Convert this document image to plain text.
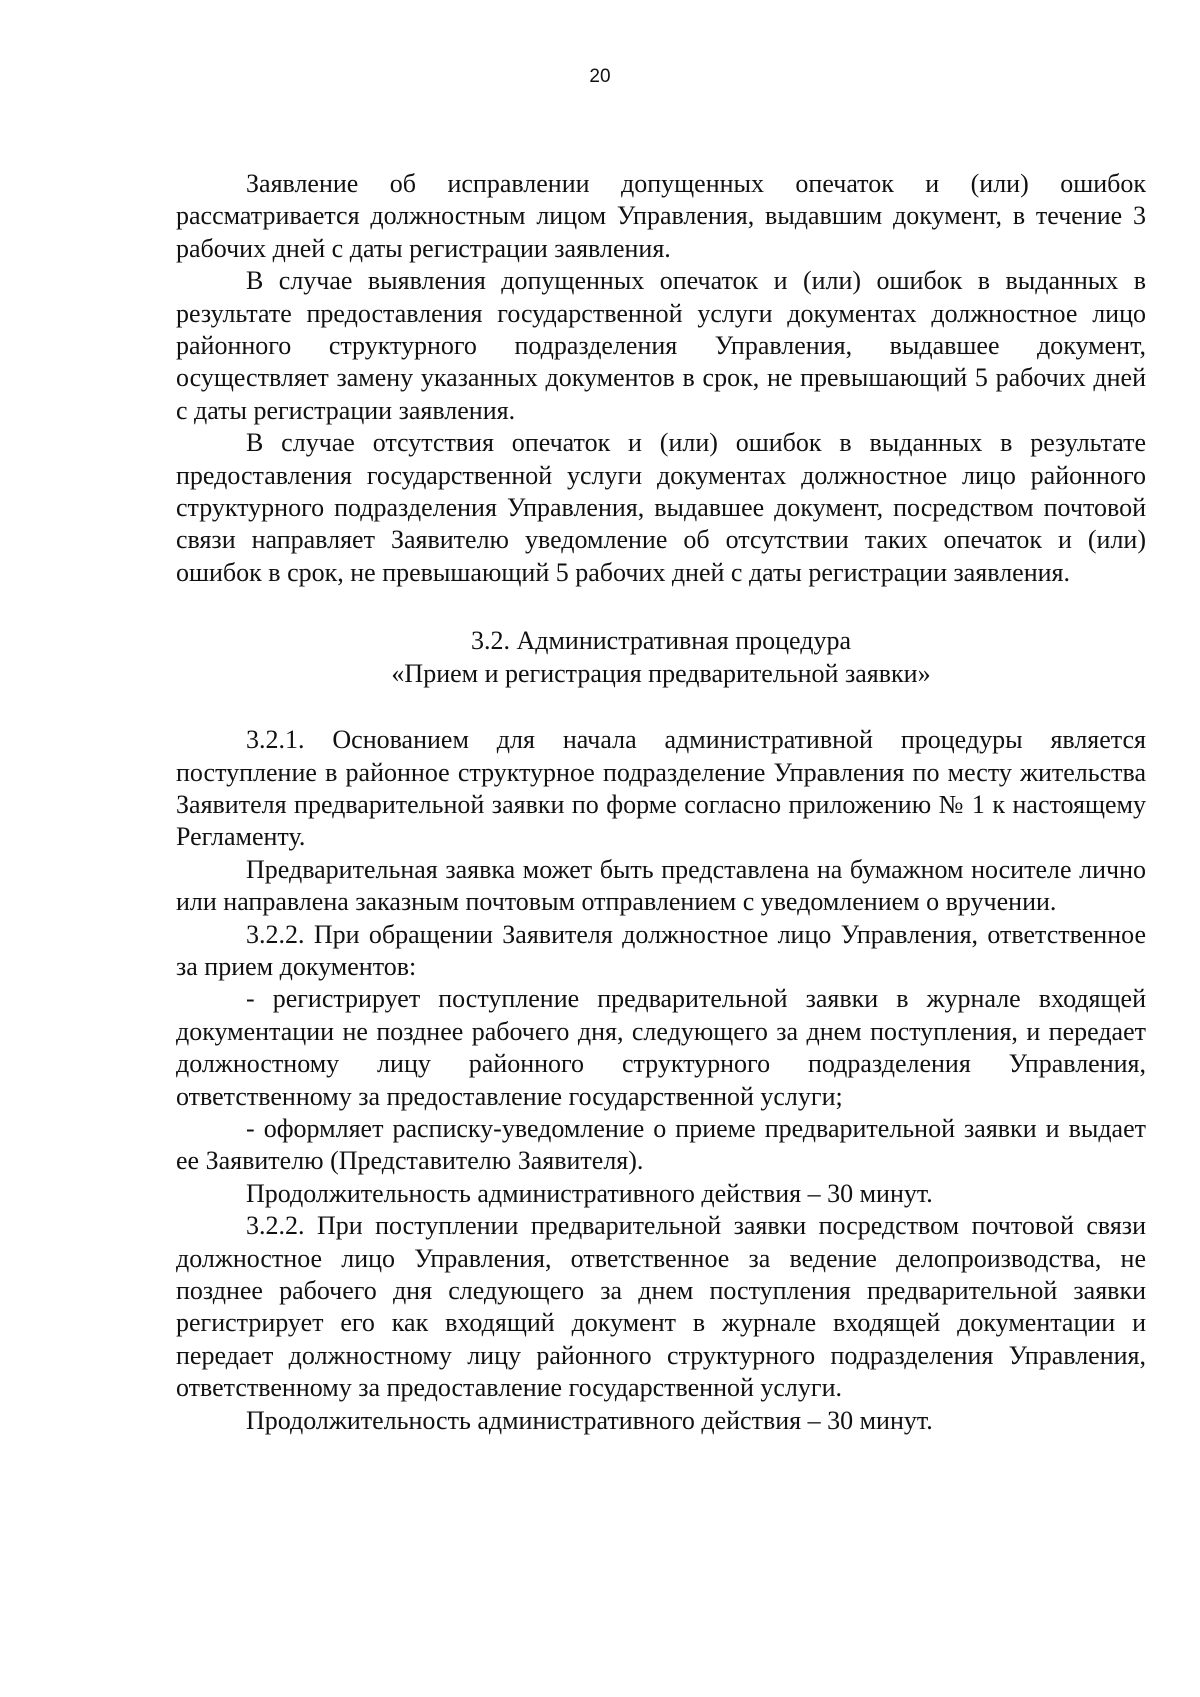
20

Заявление об исправлении допущенных опечаток и (или) ошибок рассматривается должностным лицом Управления, выдавшим документ, в течение 3 рабочих дней с даты регистрации заявления.

В случае выявления допущенных опечаток и (или) ошибок в выданных в результате предоставления государственной услуги документах должностное лицо районного структурного подразделения Управления, выдавшее документ, осуществляет замену указанных документов в срок, не превышающий 5 рабочих дней с даты регистрации заявления.

В случае отсутствия опечаток и (или) ошибок в выданных в результате предоставления государственной услуги документах должностное лицо районного структурного подразделения Управления, выдавшее документ, посредством почтовой связи направляет Заявителю уведомление об отсутствии таких опечаток и (или) ошибок в срок, не превышающий 5 рабочих дней с даты регистрации заявления.

3.2. Административная процедура
«Прием и регистрация предварительной заявки»

3.2.1. Основанием для начала административной процедуры является поступление в районное структурное подразделение Управления по месту жительства Заявителя предварительной заявки по форме согласно приложению № 1 к настоящему Регламенту.

Предварительная заявка может быть представлена на бумажном носителе лично или направлена заказным почтовым отправлением с уведомлением о вручении.

3.2.2. При обращении Заявителя должностное лицо Управления, ответственное за прием документов:

- регистрирует поступление предварительной заявки в журнале входящей документации не позднее рабочего дня, следующего за днем поступления, и передает должностному лицу районного структурного подразделения Управления, ответственному за предоставление государственной услуги;

- оформляет расписку-уведомление о приеме предварительной заявки и выдает ее Заявителю (Представителю Заявителя).

Продолжительность административного действия – 30 минут.

3.2.2. При поступлении предварительной заявки посредством почтовой связи должностное лицо Управления, ответственное за ведение делопроизводства, не позднее рабочего дня следующего за днем поступления предварительной заявки регистрирует его как входящий документ в журнале входящей документации и передает должностному лицу районного структурного подразделения Управления, ответственному за предоставление государственной услуги.

Продолжительность административного действия – 30 минут.
